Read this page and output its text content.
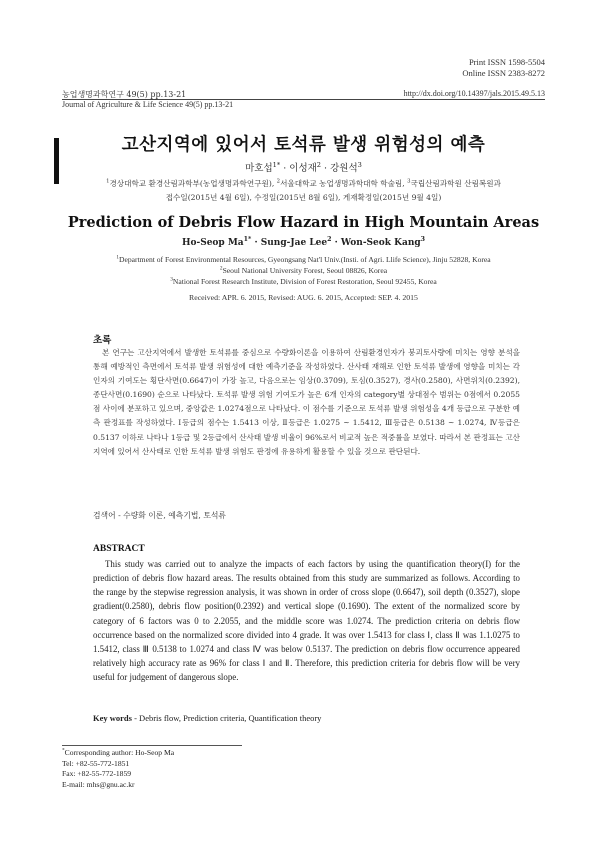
Print ISSN 1598-5504
Online ISSN 2383-8272
농업생명과학연구 49(5) pp.13-21	http://dx.doi.org/10.14397/jals.2015.49.5.13
Journal of Agriculture & Life Science 49(5) pp.13-21
고산지역에 있어서 토석류 발생 위험성의 예측
마호섭$^{1*}$ · 이성재$^2$ · 강원석$^3$
$^1$경상대학교 환경산림과학부(농업생명과학연구원), $^2$서울대학교 농업생명과학대학 학술림, $^3$국립산림과학원 산림복원과
접수일(2015년 4월 6일), 수정일(2015년 8월 6일), 게재확정일(2015년 9월 4일)
Prediction of Debris Flow Hazard in High Mountain Areas
Ho-Seop $Ma^{1*}$ · Sung-Jae Lee$^2$ · Won-Seok Kang$^3$
$^1$Department of Forest Environmental Resources, Gyeongsang Nat'l Univ.(Insti. of Agri. Llife Science), Jinju 52828, Korea
$^2$Seoul National University Forest, Seoul 08826, Korea
$^3$National Forest Research Institute, Division of Forest Restoration, Seoul 92455, Korea
Received: APR. 6. 2015, Revised: AUG. 6. 2015, Accepted: SEP. 4. 2015
초록
본 연구는 고산지역에서 발생한 토석류를 중심으로 수량화이론을 이용하여 산림환경인자가 붕괴토사량에 미치는 영향 분석을 통해 예방적인 측면에서 토석류 발생 위험성에 대한 예측기준을 작성하였다. 산사태 재해로 인한 토석류 발생에 영향을 미치는 각 인자의 기여도는 횡단사면(0.6647)이 가장 높고, 다음으로는 임상(0.3709), 토심(0.3527), 경사(0.2580), 사면위치(0.2392), 종단사면(0.1690) 순으로 나타났다. 토석류 발생 위험 기여도가 높은 6개 인자의 category별 상대점수 범위는 0점에서 0.2055점 사이에 분포하고 있으며, 중앙값은 1.0274점으로 나타났다. 이 점수를 기준으로 토석류 발생 위험성을 4개 등급으로 구분한 예측 판정표를 작성하였다. Ⅰ등급의 점수는 1.5413 이상, Ⅱ등급은 1.0275 ~ 1.5412, Ⅲ등급은 0.5138 ~ 1.0274, Ⅳ등급은 0.5137 이하로 나타나 1등급 및 2등급에서 산사태 발생 비율이 96%로서 비교적 높은 적중률을 보였다. 따라서 본 판정표는 고산지역에 있어서 산사태로 인한 토석류 발생 위험도 판정에 유용하게 활용할 수 있을 것으로 판단된다.
검색어 - 수량화 이론, 예측기법, 토석류
ABSTRACT
This study was carried out to analyze the impacts of each factors by using the quantification theory(I) for the prediction of debris flow hazard areas. The results obtained from this study are summarized as follows. According to the range by the stepwise regression analysis, it was shown in order of cross slope (0.6647), soil depth (0.3527), slope gradient(0.2580), debris flow position(0.2392) and vertical slope (0.1690). The extent of the normalized score by category of 6 factors was 0 to 2.2055, and the middle score was 1.0274. The prediction criteria on debris flow occurrence based on the normalized score divided into 4 grade. It was over 1.5413 for class Ⅰ, class Ⅱ was 1.1.0275 to 1.5412, class Ⅲ 0.5138 to 1.0274 and class Ⅳ was below 0.5137. The prediction on debris flow occurrence appeared relatively high accuracy rate as 96% for class Ⅰ and Ⅱ. Therefore, this prediction criteria for debris flow will be very useful for judgement of dangerous slope.
Key words - Debris flow, Prediction criteria, Quantification theory
*Corresponding author: Ho-Seop Ma
Tel: +82-55-772-1851
Fax: +82-55-772-1859
E-mail: mhs@gnu.ac.kr
